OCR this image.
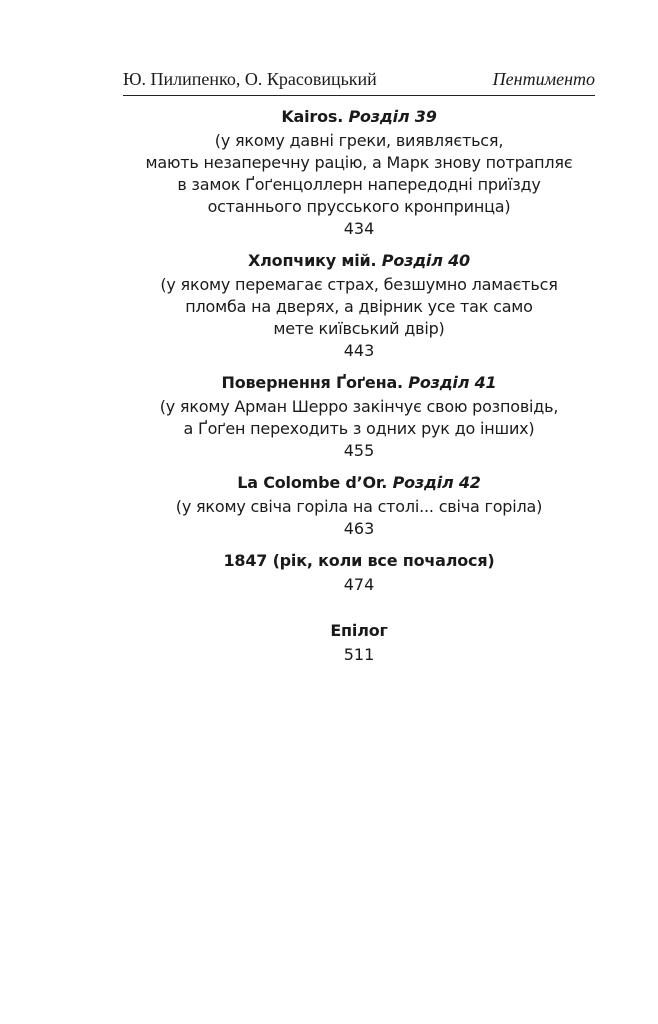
Ю. Пилипенко, О. Красовицький	Пентименто
Kairos. Розділ 39
(у якому давні греки, виявляється,
мають незаперечну рацію, а Марк знову потрапляє
в замок Ґоґенцоллерн напередодні приїзду
останнього прусського кронпринца)
434
Хлопчику мій. Розділ 40
(у якому перемагає страх, безшумно ламається
пломба на дверях, а двірник усе так само
мете київський двір)
443
Повернення Ґоґена. Розділ 41
(у якому Арман Шерро закінчує свою розповідь,
а Ґоґен переходить з одних рук до інших)
455
La Colombe d’Or. Розділ 42
(у якому свіча горіла на столі... свіча горіла)
463
1847 (рік, коли все почалося)
474
Епілог
511
